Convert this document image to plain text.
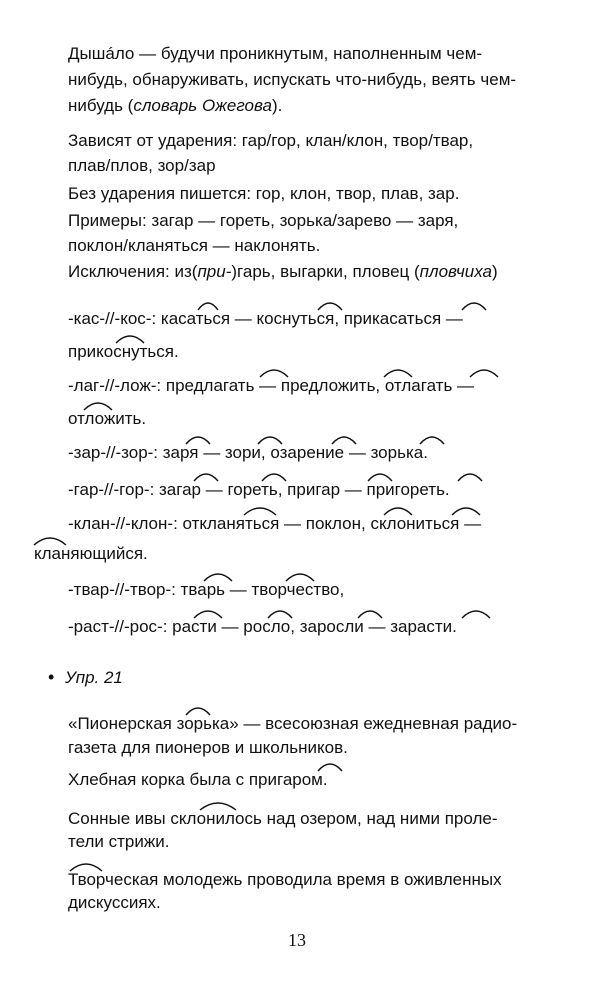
Дышáло — будучи проникнутым, наполненным чем-
нибудь, обнаруживать, испускать что-нибудь, веять чем-
нибудь (словарь Ожегова).
Зависят от ударения: гар/гор, клан/клон, твор/твар,
плав/плов, зор/зар
Без ударения пишется: гор, клон, твор, плав, зар.
Примеры: загар — гореть, зорька/зарево — заря,
поклон/кланяться — наклонять.
Исключения: из(при-)гарь, выгарки, пловец (пловчиха)
-кас-//-кос-: касаться — коснуться, прикасаться —
прикоснуться.
-лаг-//-лож-: предлагать — предложить, отлагать —
отложить.
-зар-//-зор-: заря — зори, озарение — зорька.
-гар-//-гор-: загар — гореть, пригар — пригореть.
-клан-//-клон-: откланяться — поклон, склониться —
кланяющийся.
-твар-//-твор-: тварь — творчество,
-раст-//-рос-: расти — росло, заросли — зарасти.
• Упр. 21
«Пионерская зорька» — всесоюзная ежедневная радио-
газета для пионеров и школьников.
Хлебная корка была с пригаром.
Сонные ивы склонилось над озером, над ними проле-
тели стрижи.
Творческая молодежь проводила время в оживленных
дискуссиях.
13
